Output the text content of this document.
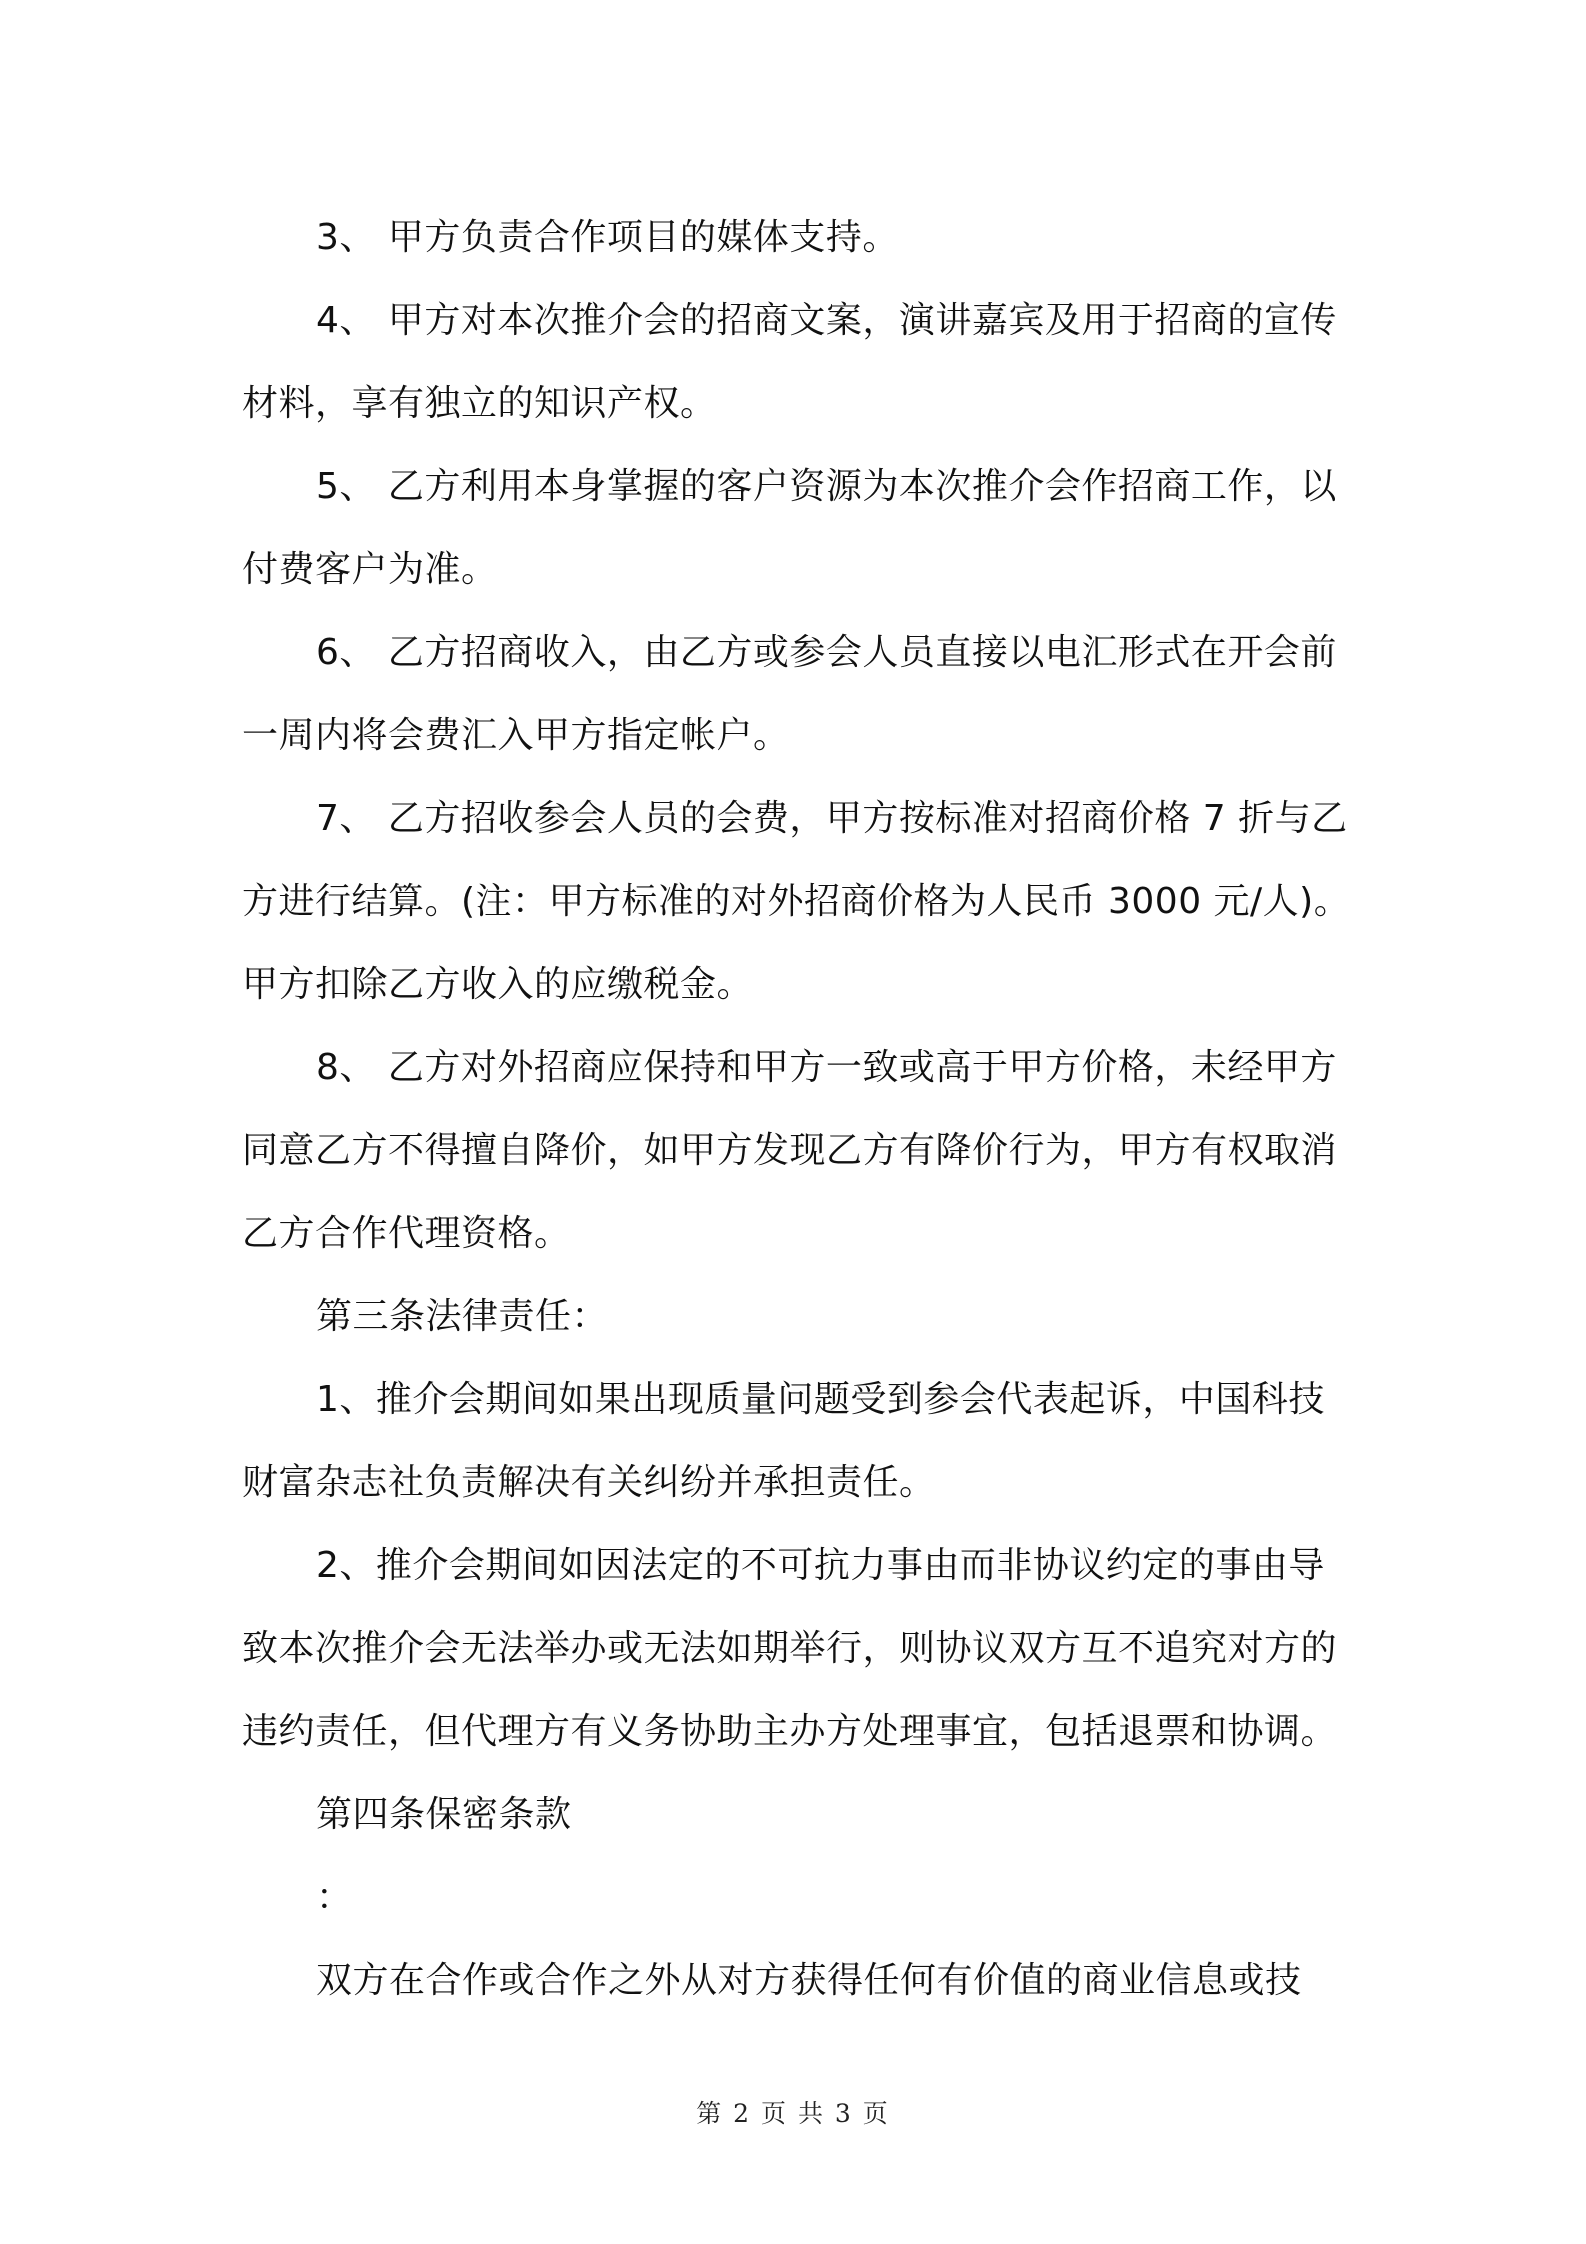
3、 甲方负责合作项目的媒体支持。

4、 甲方对本次推介会的招商文案，演讲嘉宾及用于招商的宣传材料，享有独立的知识产权。

5、 乙方利用本身掌握的客户资源为本次推介会作招商工作，以付费客户为准。

6、 乙方招商收入，由乙方或参会人员直接以电汇形式在开会前一周内将会费汇入甲方指定帐户。

7、 乙方招收参会人员的会费，甲方按标准对招商价格 7 折与乙方进行结算。(注：甲方标准的对外招商价格为人民币 3000 元/人)。甲方扣除乙方收入的应缴税金。

8、 乙方对外招商应保持和甲方一致或高于甲方价格，未经甲方同意乙方不得擅自降价，如甲方发现乙方有降价行为，甲方有权取消乙方合作代理资格。

第三条法律责任：

1、推介会期间如果出现质量问题受到参会代表起诉，中国科技财富杂志社负责解决有关纠纷并承担责任。

2、推介会期间如因法定的不可抗力事由而非协议约定的事由导致本次推介会无法举办或无法如期举行，则协议双方互不追究对方的违约责任，但代理方有义务协助主办方处理事宜，包括退票和协调。

第四条保密条款

：

双方在合作或合作之外从对方获得任何有价值的商业信息或技

第 2 页 共 3 页
